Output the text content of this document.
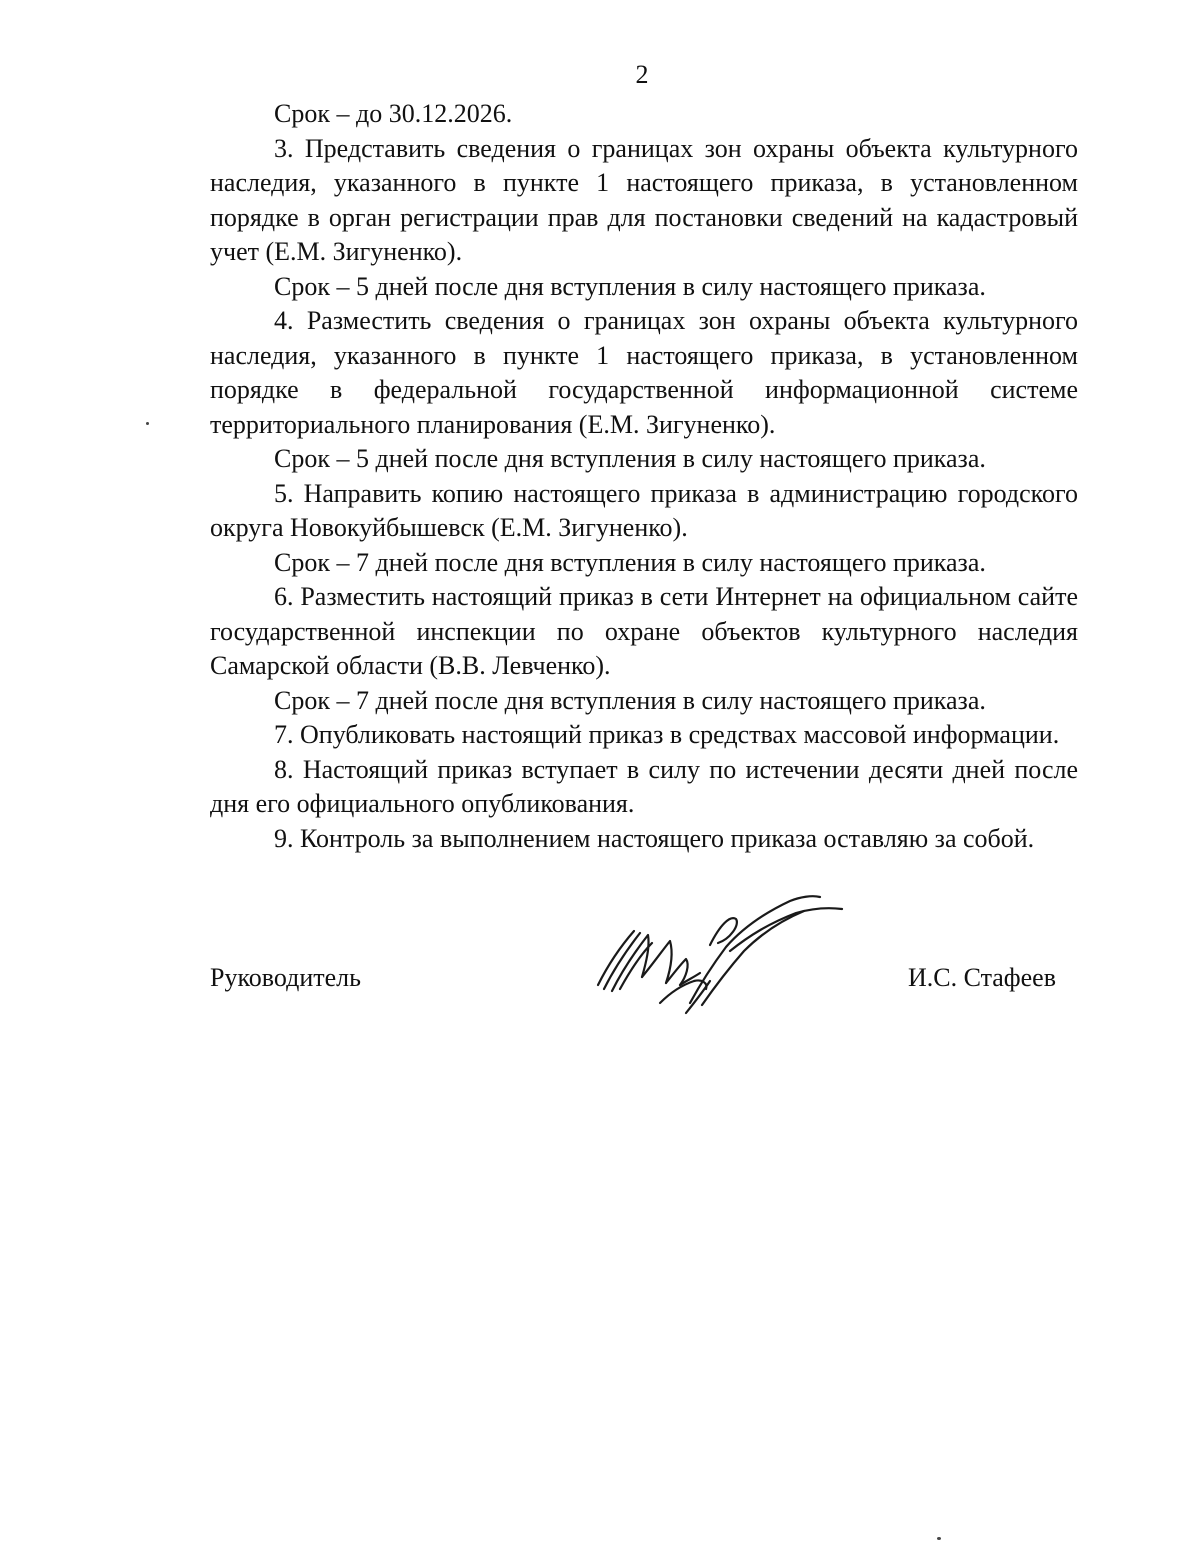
2

Срок – до 30.12.2026.

3. Представить сведения о границах зон охраны объекта культурного наследия, указанного в пункте 1 настоящего приказа, в установленном порядке в орган регистрации прав для постановки сведений на кадастровый учет (Е.М. Зигуненко).

Срок – 5 дней после дня вступления в силу настоящего приказа.

4. Разместить сведения о границах зон охраны объекта культурного наследия, указанного в пункте 1 настоящего приказа, в установленном порядке в федеральной государственной информационной системе территориального планирования (Е.М. Зигуненко).

Срок – 5 дней после дня вступления в силу настоящего приказа.

5. Направить копию настоящего приказа в администрацию городского округа Новокуйбышевск (Е.М. Зигуненко).

Срок – 7 дней после дня вступления в силу настоящего приказа.

6. Разместить настоящий приказ в сети Интернет на официальном сайте государственной инспекции по охране объектов культурного наследия Самарской области (В.В. Левченко).

Срок – 7 дней после дня вступления в силу настоящего приказа.

7. Опубликовать настоящий приказ в средствах массовой информации.

8. Настоящий приказ вступает в силу по истечении десяти дней после дня его официального опубликования.

9. Контроль за выполнением настоящего приказа оставляю за собой.

Руководитель	И.С. Стафеев
